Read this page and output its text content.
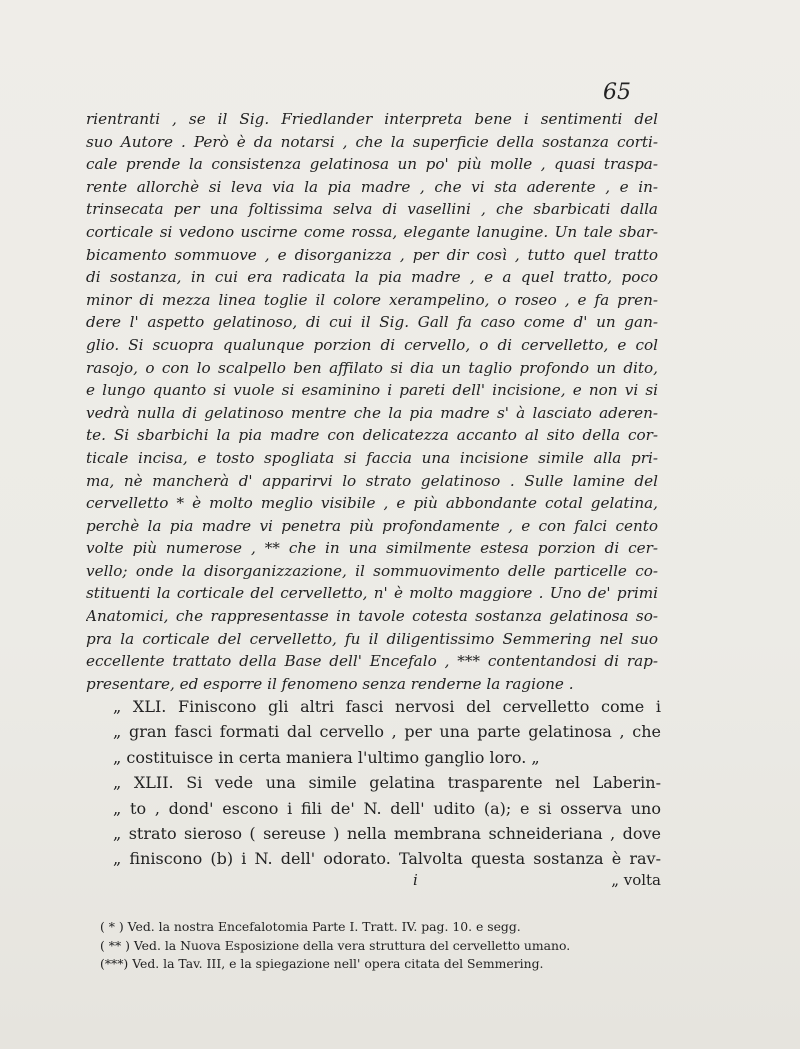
65
rientranti , se il Sig. Friedlander interpreta bene i sentimenti del
suo Autore . Però è da notarsi , che la superficie della sostanza corti-
cale prende la consistenza gelatinosa un po' più molle , quasi traspa-
rente allorchè si leva via la pia madre , che vi sta aderente , e in-
trinsecata per una foltissima selva di vasellini , che sbarbicati dalla
corticale si vedono uscirne come rossa, elegante lanugine. Un tale sbar-
bicamento sommuove , e disorganizza , per dir così , tutto quel tratto
di sostanza, in cui era radicata la pia madre , e a quel tratto, poco
minor di mezza linea toglie il colore xerampelino, o roseo , e fa pren-
dere l' aspetto gelatinoso, di cui il Sig. Gall fa caso come d' un gan-
glio. Si scuopra qualunque porzion di cervello, o di cervelletto, e col
rasojo, o con lo scalpello ben affilato si dia un taglio profondo un dito,
e lungo quanto si vuole si esaminino i pareti dell' incisione, e non vi si
vedrà nulla di gelatinoso mentre che la pia madre s' à lasciato aderen-
te. Si sbarbichi la pia madre con delicatezza accanto al sito della cor-
ticale incisa, e tosto spogliata si faccia una incisione simile alla pri-
ma, nè mancherà d' apparirvi lo strato gelatinoso . Sulle lamine del
cervelletto * è molto meglio visibile , e più abbondante cotal gelatina,
perchè la pia madre vi penetra più profondamente , e con falci cento
volte più numerose , ** che in una similmente estesa porzion di cer-
vello; onde la disorganizzazione, il sommuovimento delle particelle co-
stituenti la corticale del cervelletto, n' è molto maggiore . Uno de' primi
Anatomici, che rappresentasse in tavole cotesta sostanza gelatinosa so-
pra la corticale del cervelletto, fu il diligentissimo Semmering nel suo
eccellente trattato della Base dell' Encefalo , *** contentandosi di rap-
presentare, ed esporre il fenomeno senza renderne la ragione .
„ XLI. Finiscono gli altri fasci nervosi del cervelletto come i
„ gran fasci formati dal cervello , per una parte gelatinosa , che
„ costituisce in certa maniera l'ultimo ganglio loro. „
„ XLII. Si vede una simile gelatina trasparente nel Laberin-
„ to , dond' escono i fili de' N. dell' udito (a); e si osserva uno
„ strato sieroso ( sereuse ) nella membrana schneideriana , dove
„ finiscono (b) i N. dell' odorato. Talvolta questa sostanza è rav-
i	„ volta
( * ) Ved. la nostra Encefalotomia Parte I. Tratt. IV. pag. 10. e segg.
( ** ) Ved. la Nuova Esposizione della vera struttura del cervelletto umano.
(***) Ved. la Tav. III, e la spiegazione nell' opera citata del Semmering.
